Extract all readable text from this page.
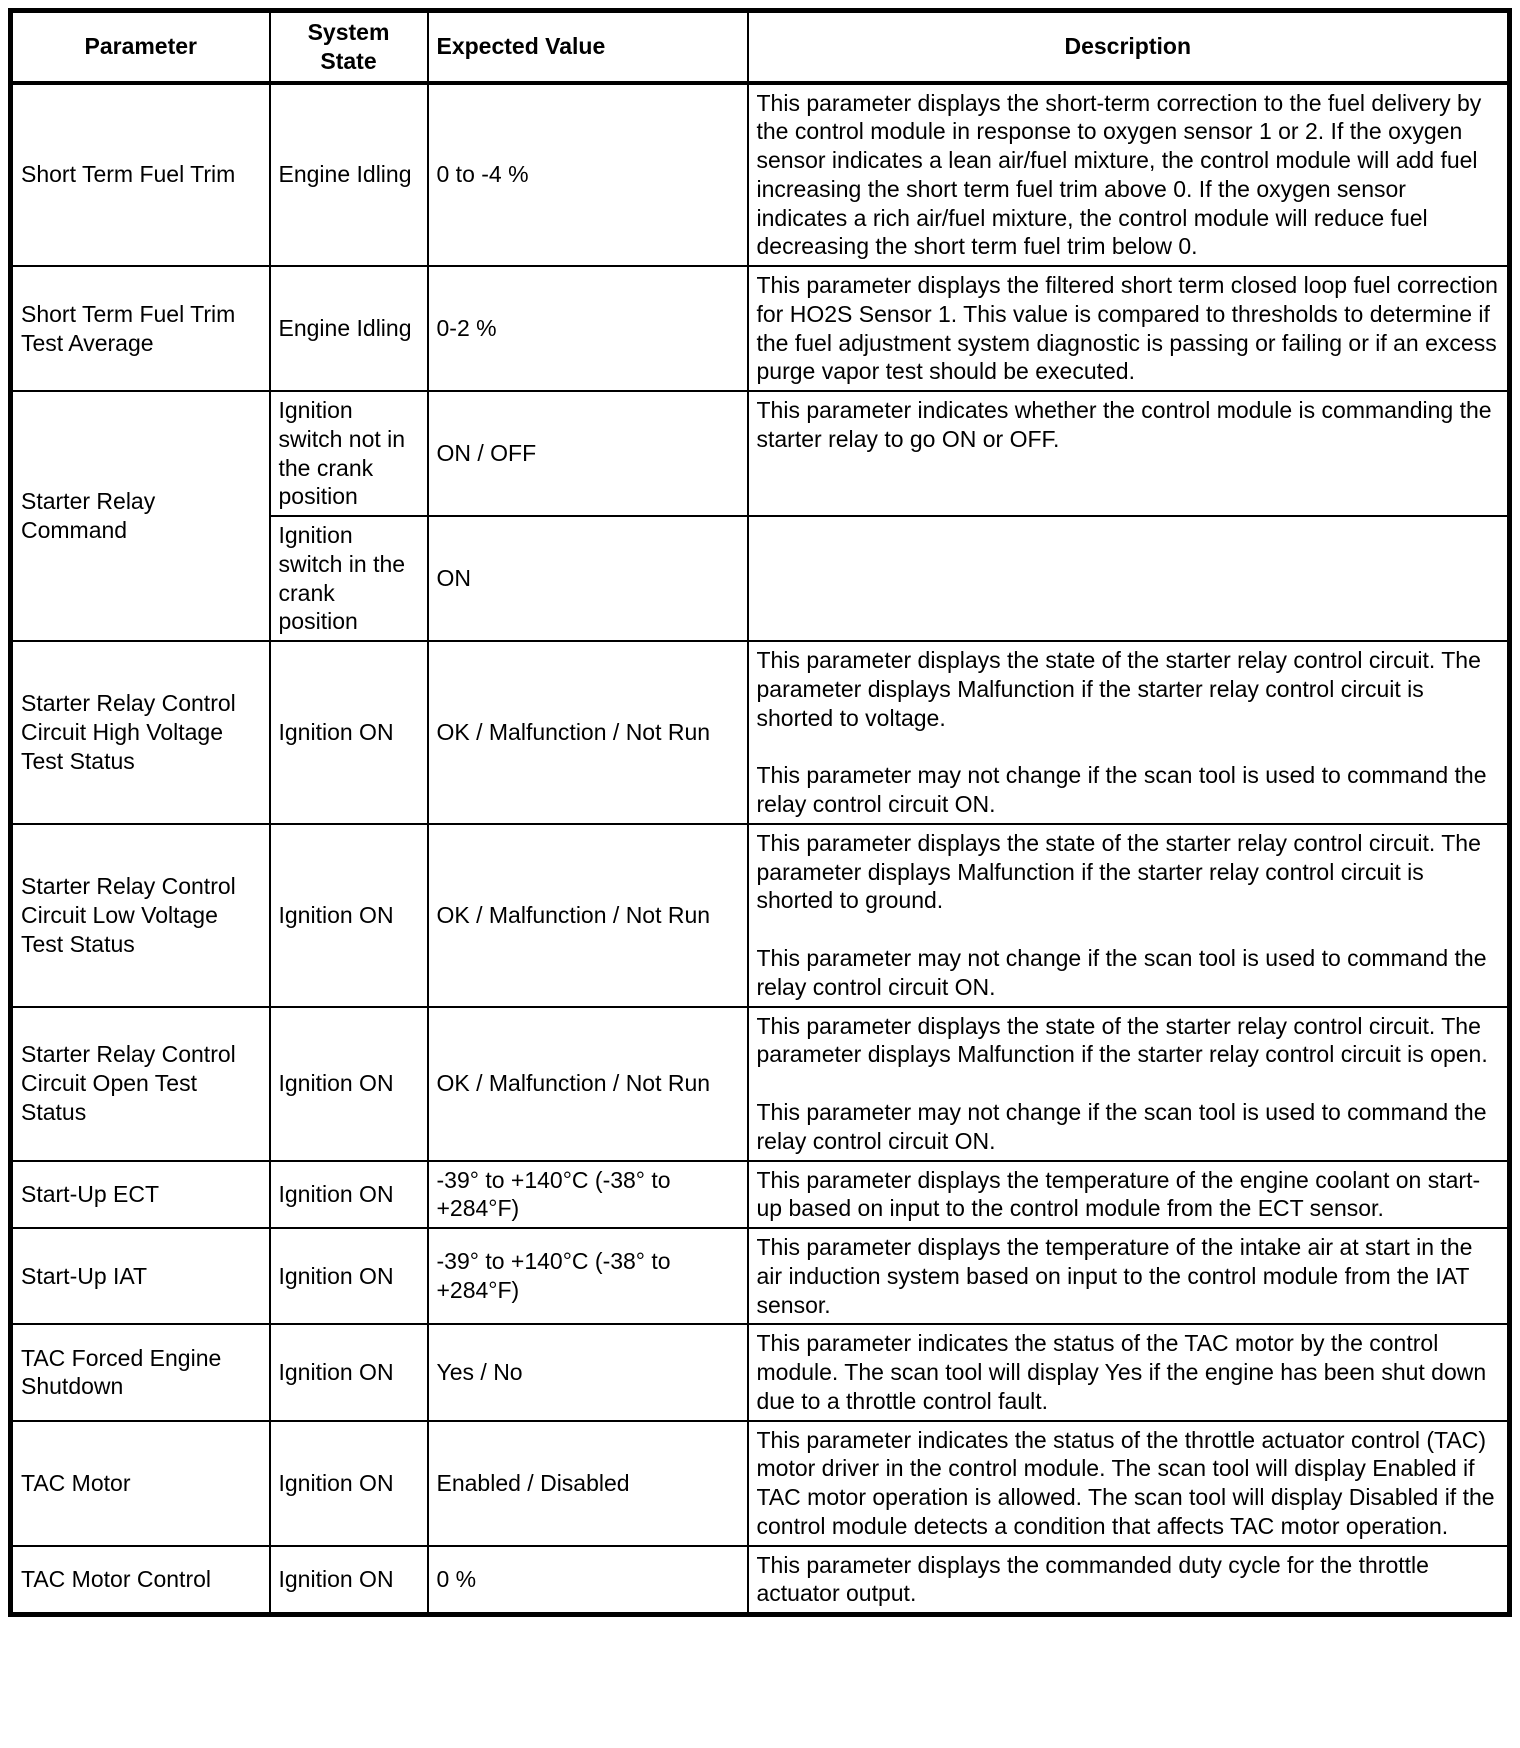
Parameter	System State	Expected Value	Description
Short Term Fuel Trim	Engine Idling	0 to -4 %	This parameter displays the short-term correction to the fuel delivery by the control module in response to oxygen sensor 1 or 2. If the oxygen sensor indicates a lean air/fuel mixture, the control module will add fuel increasing the short term fuel trim above 0. If the oxygen sensor indicates a rich air/fuel mixture, the control module will reduce fuel decreasing the short term fuel trim below 0.
Short Term Fuel Trim Test Average	Engine Idling	0-2 %	This parameter displays the filtered short term closed loop fuel correction for HO2S Sensor 1. This value is compared to thresholds to determine if the fuel adjustment system diagnostic is passing or failing or if an excess purge vapor test should be executed.
Starter Relay Command	Ignition switch not in the crank position	ON / OFF	This parameter indicates whether the control module is commanding the starter relay to go ON or OFF.
	Ignition switch in the crank position	ON	
Starter Relay Control Circuit High Voltage Test Status	Ignition ON	OK / Malfunction / Not Run	This parameter displays the state of the starter relay control circuit. The parameter displays Malfunction if the starter relay control circuit is shorted to voltage.
This parameter may not change if the scan tool is used to command the relay control circuit ON.

Starter Relay Control Circuit Low Voltage Test Status	Ignition ON	OK / Malfunction / Not Run	This parameter displays the state of the starter relay control circuit. The parameter displays Malfunction if the starter relay control circuit is shorted to ground.
This parameter may not change if the scan tool is used to command the relay control circuit ON.

Starter Relay Control Circuit Open Test Status	Ignition ON	OK / Malfunction / Not Run	This parameter displays the state of the starter relay control circuit. The parameter displays Malfunction if the starter relay control circuit is open.
This parameter may not change if the scan tool is used to command the relay control circuit ON.

Start-Up ECT	Ignition ON	-39° to +140°C (-38° to +284°F)	This parameter displays the temperature of the engine coolant on start-up based on input to the control module from the ECT sensor.
Start-Up IAT	Ignition ON	-39° to +140°C (-38° to +284°F)	This parameter displays the temperature of the intake air at start in the air induction system based on input to the control module from the IAT sensor.
TAC Forced Engine Shutdown	Ignition ON	Yes / No	This parameter indicates the status of the TAC motor by the control module. The scan tool will display Yes if the engine has been shut down due to a throttle control fault.
TAC Motor	Ignition ON	Enabled / Disabled	This parameter indicates the status of the throttle actuator control (TAC) motor driver in the control module. The scan tool will display Enabled if TAC motor operation is allowed. The scan tool will display Disabled if the control module detects a condition that affects TAC motor operation.
TAC Motor Control	Ignition ON	0 %	This parameter displays the commanded duty cycle for the throttle actuator output.
